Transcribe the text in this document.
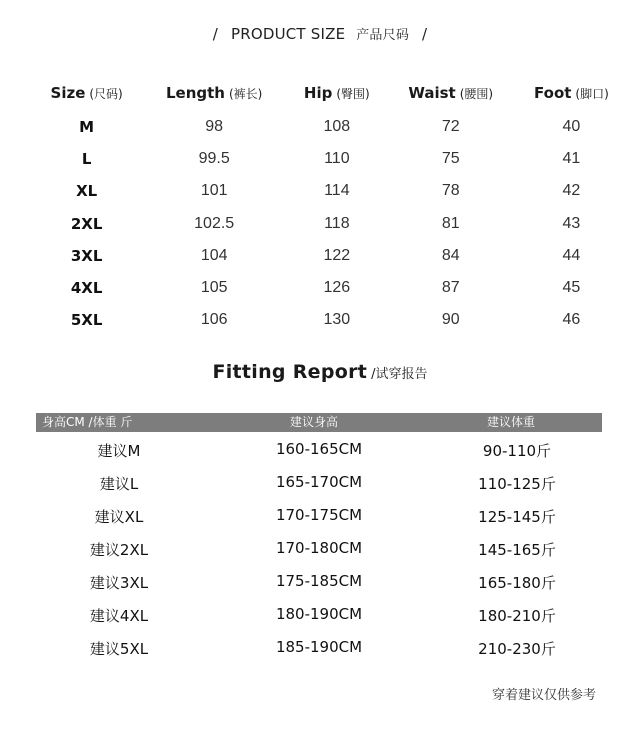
/ PRODUCT SIZE 产品尺码 /
Size (尺码)	Length (裤长)	Hip (臀围)	Waist (腰围)	Foot (脚口)
M	98	108	72	40
L	99.5	110	75	41
XL	101	114	78	42
2XL	102.5	118	81	43
3XL	104	122	84	44
4XL	105	126	87	45
5XL	106	130	90	46
Fitting Report /试穿报告
身高CM /体重 斤	建议身高	建议体重
建议M	160-165CM	90-110斤
建议L	165-170CM	110-125斤
建议XL	170-175CM	125-145斤
建议2XL	170-180CM	145-165斤
建议3XL	175-185CM	165-180斤
建议4XL	180-190CM	180-210斤
建议5XL	185-190CM	210-230斤
穿着建议仅供参考
